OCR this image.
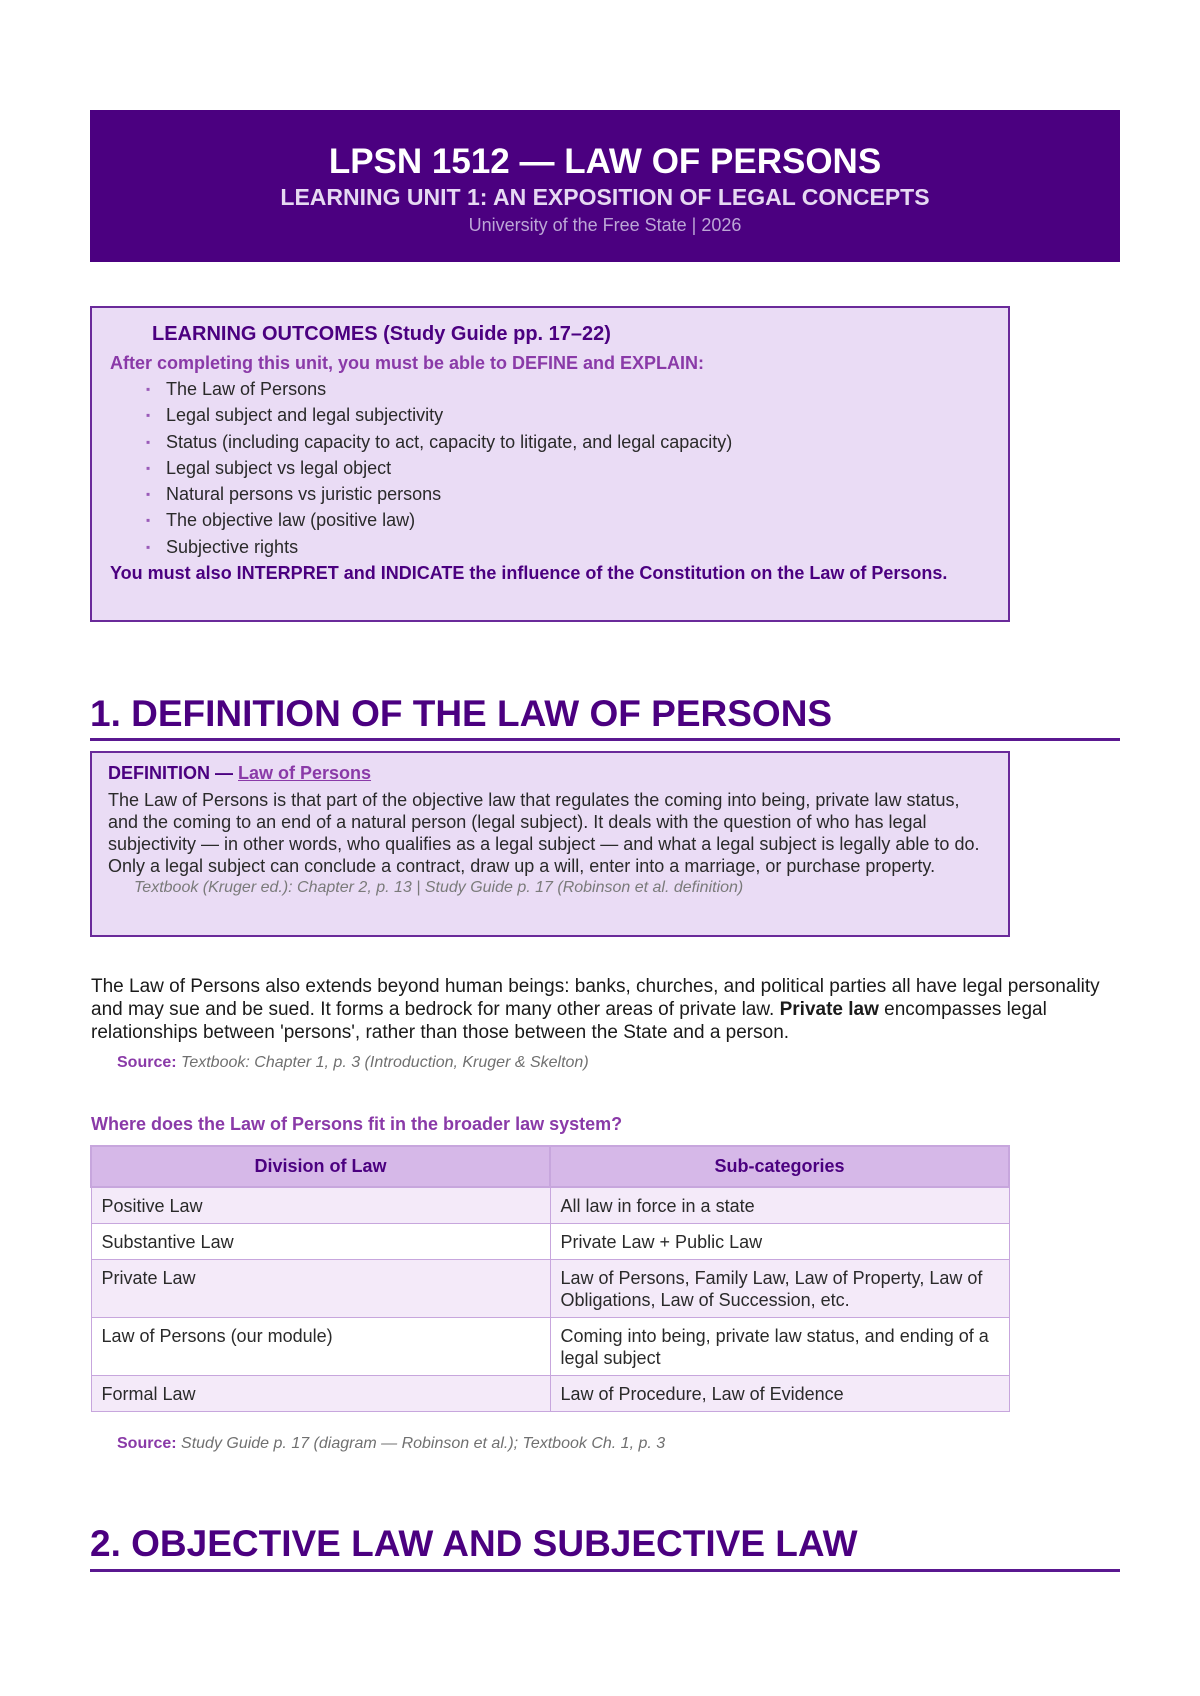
LPSN 1512 — LAW OF PERSONS
LEARNING UNIT 1: AN EXPOSITION OF LEGAL CONCEPTS
University of the Free State | 2026
LEARNING OUTCOMES (Study Guide pp. 17–22)
After completing this unit, you must be able to DEFINE and EXPLAIN:
▪ The Law of Persons
▪ Legal subject and legal subjectivity
▪ Status (including capacity to act, capacity to litigate, and legal capacity)
▪ Legal subject vs legal object
▪ Natural persons vs juristic persons
▪ The objective law (positive law)
▪ Subjective rights
You must also INTERPRET and INDICATE the influence of the Constitution on the Law of Persons.
1. DEFINITION OF THE LAW OF PERSONS
DEFINITION — Law of Persons
The Law of Persons is that part of the objective law that regulates the coming into being, private law status, and the coming to an end of a natural person (legal subject). It deals with the question of who has legal subjectivity — in other words, who qualifies as a legal subject — and what a legal subject is legally able to do. Only a legal subject can conclude a contract, draw up a will, enter into a marriage, or purchase property.
Textbook (Kruger ed.): Chapter 2, p. 13 | Study Guide p. 17 (Robinson et al. definition)
The Law of Persons also extends beyond human beings: banks, churches, and political parties all have legal personality and may sue and be sued. It forms a bedrock for many other areas of private law. Private law encompasses legal relationships between 'persons', rather than those between the State and a person.
Source: Textbook: Chapter 1, p. 3 (Introduction, Kruger & Skelton)
Where does the Law of Persons fit in the broader law system?
Division of Law	Sub-categories
Positive Law	All law in force in a state
Substantive Law	Private Law + Public Law
Private Law	Law of Persons, Family Law, Law of Property, Law of Obligations, Law of Succession, etc.
Law of Persons (our module)	Coming into being, private law status, and ending of a legal subject
Formal Law	Law of Procedure, Law of Evidence
Source: Study Guide p. 17 (diagram — Robinson et al.); Textbook Ch. 1, p. 3
2. OBJECTIVE LAW AND SUBJECTIVE LAW
